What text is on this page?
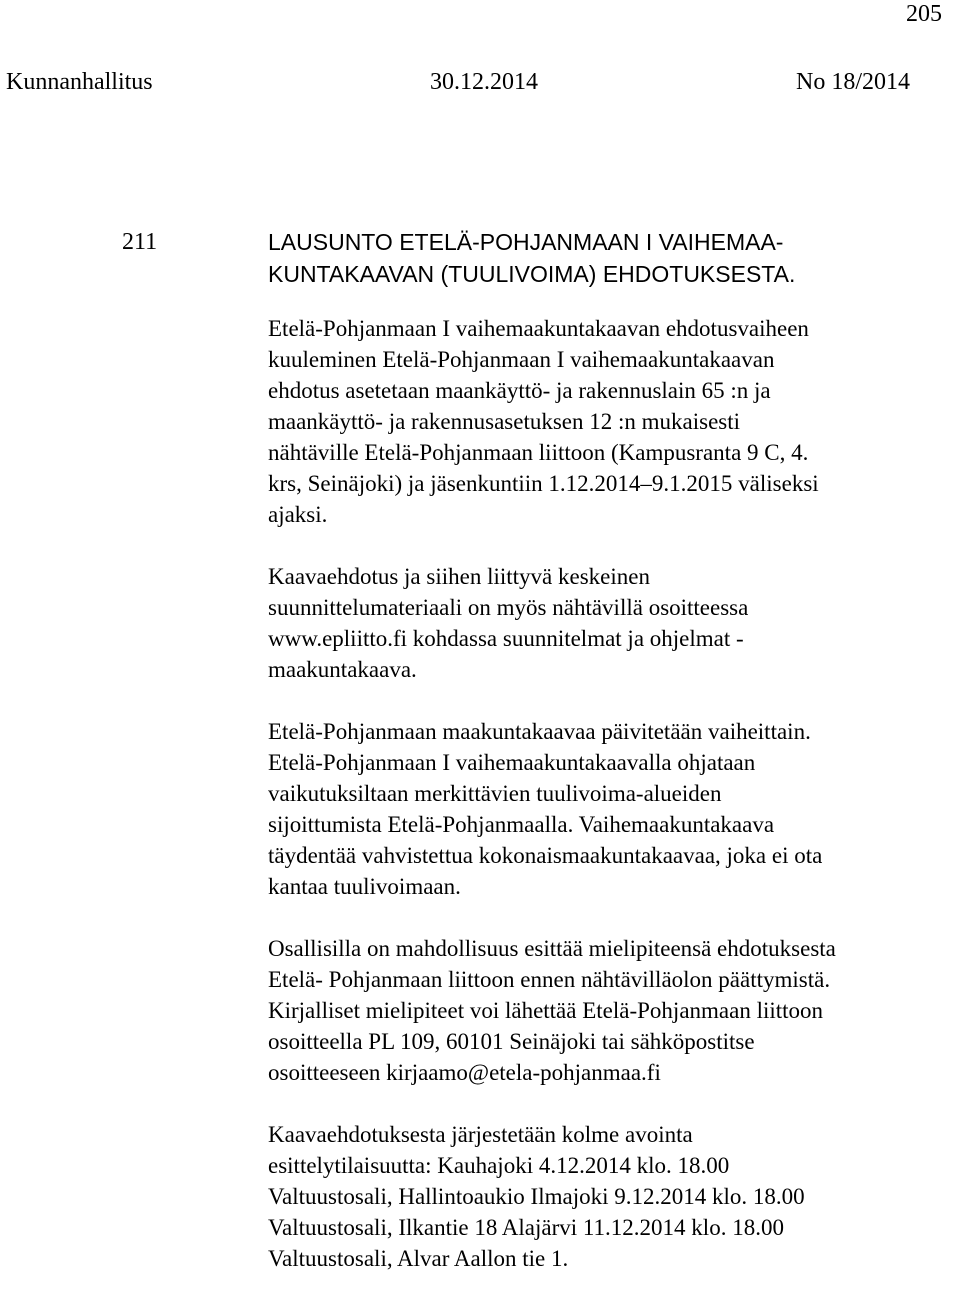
205
Kunnanhallitus	30.12.2014	No 18/2014
211	LAUSUNTO ETELÄ-POHJANMAAN I VAIHEMAA-
KUNTAKAAVAN (TUULIVOIMA) EHDOTUKSESTA.

Etelä-Pohjanmaan I vaihemaakuntakaavan ehdotusvaiheen
kuuleminen Etelä-Pohjanmaan I vaihemaakuntakaavan
ehdotus asetetaan maankäyttö- ja rakennuslain 65 :n ja
maankäyttö- ja rakennusasetuksen 12 :n mukaisesti
nähtäville Etelä-Pohjanmaan liittoon (Kampusranta 9 C, 4.
krs, Seinäjoki) ja jäsenkuntiin 1.12.2014–9.1.2015 väliseksi
ajaksi.

Kaavaehdotus ja siihen liittyvä keskeinen
suunnittelumateriaali on myös nähtävillä osoitteessa
www.epliitto.fi kohdassa suunnitelmat ja ohjelmat -
maakuntakaava.

Etelä-Pohjanmaan maakuntakaavaa päivitetään vaiheittain.
Etelä-Pohjanmaan I vaihemaakuntakaavalla ohjataan
vaikutuksiltaan merkittävien tuulivoima-alueiden
sijoittumista Etelä-Pohjanmaalla. Vaihemaakuntakaava
täydentää vahvistettua kokonaismaakuntakaavaa, joka ei ota
kantaa tuulivoimaan.

Osallisilla on mahdollisuus esittää mielipiteensä ehdotuksesta
Etelä- Pohjanmaan liittoon ennen nähtävilläolon päättymistä.
Kirjalliset mielipiteet voi lähettää Etelä-Pohjanmaan liittoon
osoitteella PL 109, 60101 Seinäjoki tai sähköpostitse
osoitteeseen kirjaamo@etela-pohjanmaa.fi

Kaavaehdotuksesta järjestetään kolme avointa
esittelytilaisuutta: Kauhajoki 4.12.2014 klo. 18.00
Valtuustosali, Hallintoaukio Ilmajoki 9.12.2014 klo. 18.00
Valtuustosali, Ilkantie 18 Alajärvi 11.12.2014 klo. 18.00
Valtuustosali, Alvar Aallon tie 1.
